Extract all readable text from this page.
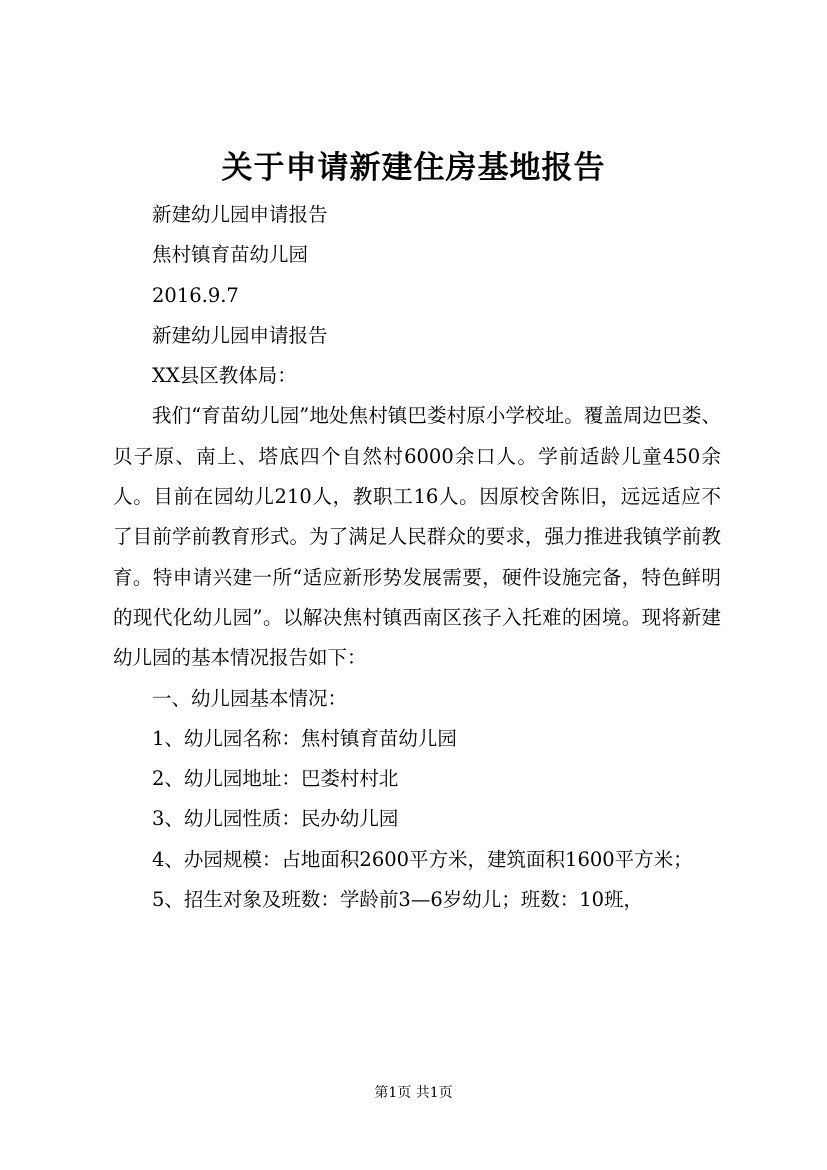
关于申请新建住房基地报告

新建幼儿园申请报告

焦村镇育苗幼儿园

2016.9.7

新建幼儿园申请报告

XX县区教体局：

我们“育苗幼儿园”地处焦村镇巴娄村原小学校址。覆盖周边巴娄、贝子原、南上、塔底四个自然村6000余口人。学前适龄儿童450余人。目前在园幼儿210人，教职工16人。因原校舍陈旧，远远适应不了目前学前教育形式。为了满足人民群众的要求，强力推进我镇学前教育。特申请兴建一所“适应新形势发展需要，硬件设施完备，特色鲜明的现代化幼儿园”。以解决焦村镇西南区孩子入托难的困境。现将新建幼儿园的基本情况报告如下：

一、幼儿园基本情况：

1、幼儿园名称：焦村镇育苗幼儿园

2、幼儿园地址：巴娄村村北

3、幼儿园性质：民办幼儿园

4、办园规模：占地面积2600平方米，建筑面积1600平方米；

5、招生对象及班数：学龄前3—6岁幼儿；班数：10班，

第1页 共1页
